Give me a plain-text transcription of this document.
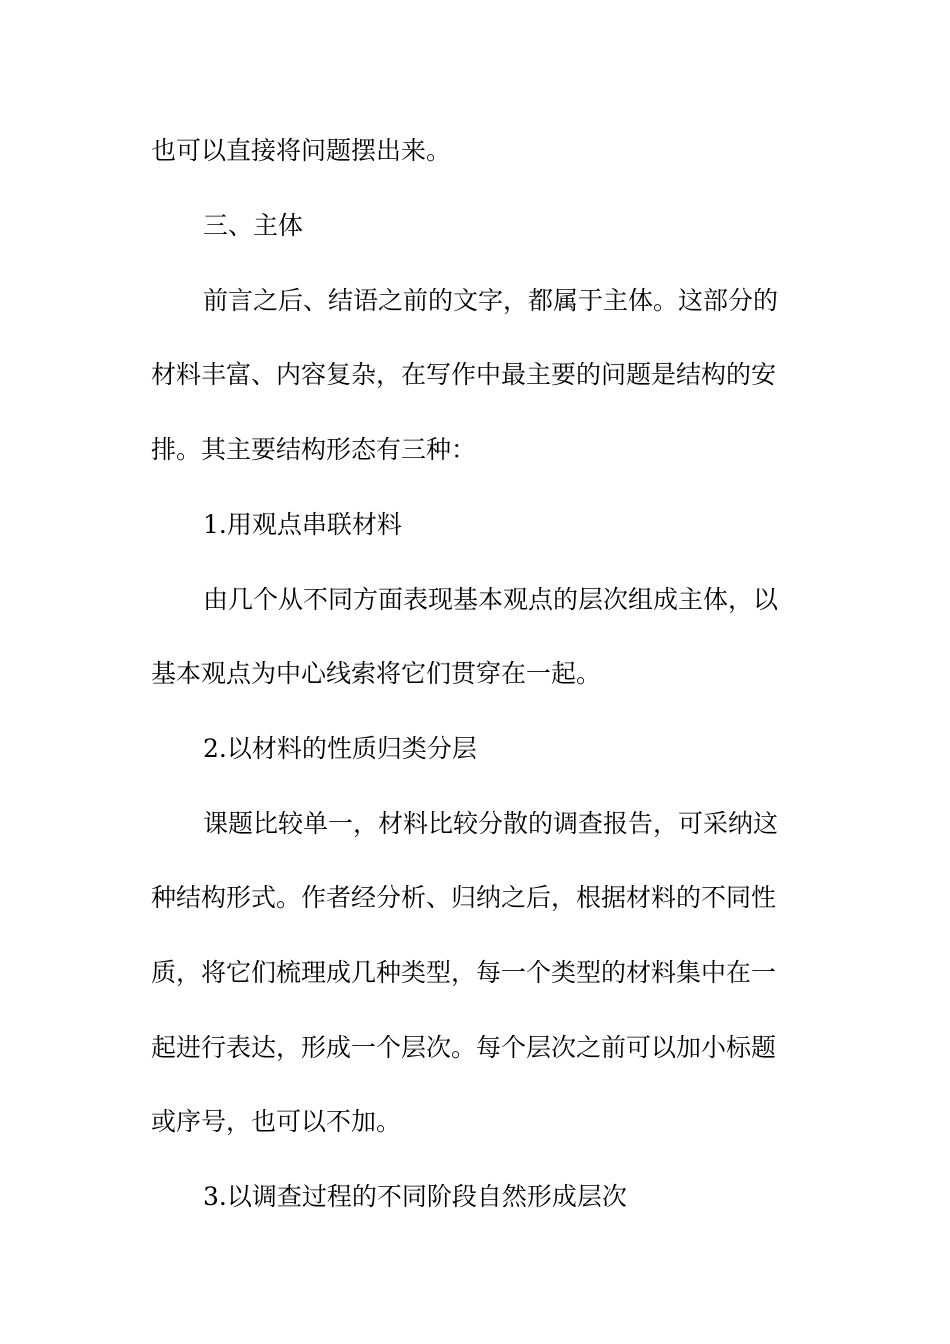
也可以直接将问题摆出来。
三、主体
前言之后、结语之前的文字，都属于主体。这部分的
材料丰富、内容复杂，在写作中最主要的问题是结构的安
排。其主要结构形态有三种：
1.用观点串联材料
由几个从不同方面表现基本观点的层次组成主体，以
基本观点为中心线索将它们贯穿在一起。
2.以材料的性质归类分层
课题比较单一，材料比较分散的调查报告，可采纳这
种结构形式。作者经分析、归纳之后，根据材料的不同性
质，将它们梳理成几种类型，每一个类型的材料集中在一
起进行表达，形成一个层次。每个层次之前可以加小标题
或序号，也可以不加。
3.以调查过程的不同阶段自然形成层次
